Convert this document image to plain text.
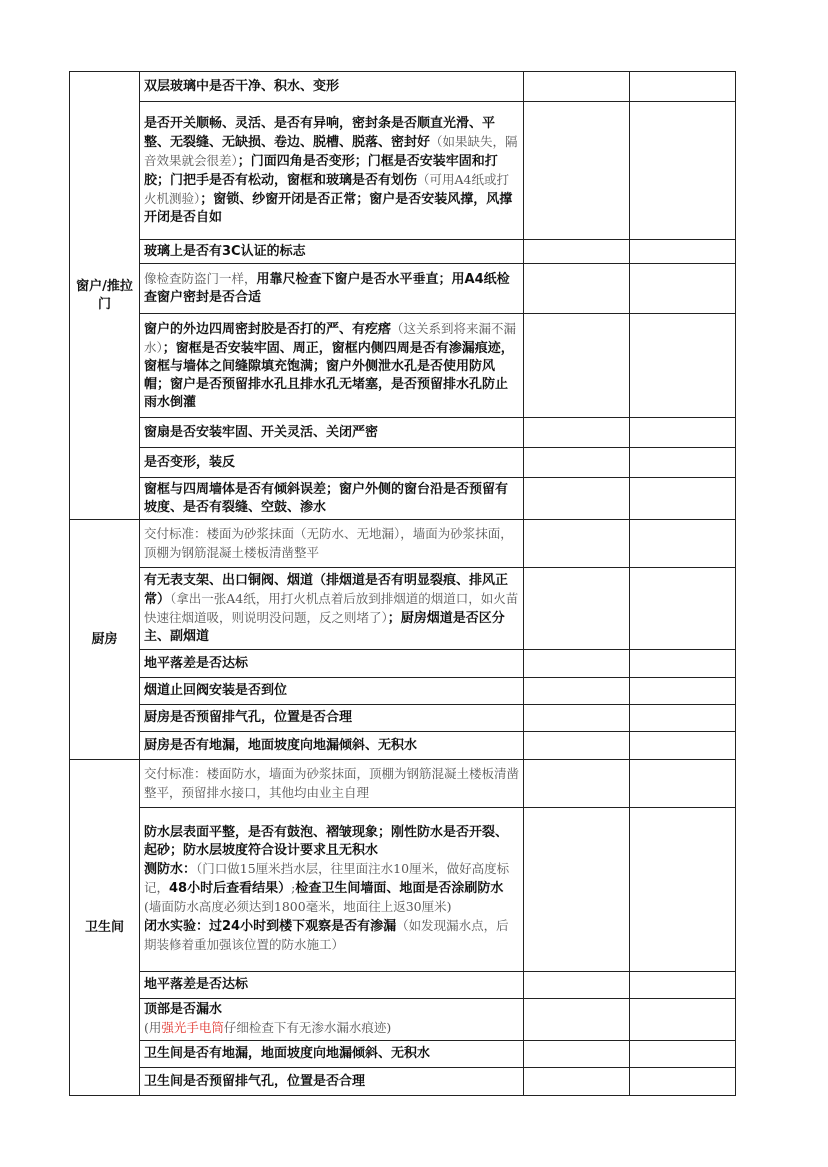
窗户/推拉门	双层玻璃中是否干净、积水、变形		
	是否开关顺畅、灵活、是否有异响，密封条是否顺直光滑、平整、无裂缝、无缺损、卷边、脱槽、脱落、密封好（如果缺失，隔音效果就会很差）；门面四角是否变形；门框是否安装牢固和打胶；门把手是否有松动，窗框和玻璃是否有划伤（可用A4纸或打火机测验）；窗锁、纱窗开闭是否正常；窗户是否安装风撑，风撑开闭是否自如		
	玻璃上是否有3C认证的标志		
	像检查防盗门一样，用靠尺检查下窗户是否水平垂直；用A4纸检查窗户密封是否合适		
	窗户的外边四周密封胶是否打的严、有疙瘩（这关系到将来漏不漏水）；窗框是否安装牢固、周正，窗框内侧四周是否有渗漏痕迹，窗框与墙体之间缝隙填充饱满；窗户外侧泄水孔是否使用防风帽；窗户是否预留排水孔且排水孔无堵塞，是否预留排水孔防止雨水倒灌		
	窗扇是否安装牢固、开关灵活、关闭严密		
	是否变形，装反		
	窗框与四周墙体是否有倾斜误差；窗户外侧的窗台沿是否预留有坡度、是否有裂缝、空鼓、渗水		
厨房	交付标准：楼面为砂浆抹面（无防水、无地漏），墙面为砂浆抹面，顶棚为钢筋混凝土楼板清凿整平		
	有无表支架、出口铜阀、烟道（排烟道是否有明显裂痕、排风正常）（拿出一张A4纸，用打火机点着后放到排烟道的烟道口，如火苗快速往烟道吸，则说明没问题，反之则堵了）；厨房烟道是否区分主、副烟道		
	地平落差是否达标		
	烟道止回阀安装是否到位		
	厨房是否预留排气孔，位置是否合理		
	厨房是否有地漏，地面坡度向地漏倾斜、无积水		
卫生间	交付标准：楼面防水，墙面为砂浆抹面，顶棚为钢筋混凝土楼板清凿整平，预留排水接口，其他均由业主自理		
	防水层表面平整，是否有鼓泡、褶皱现象；刚性防水是否开裂、起砂；防水层坡度符合设计要求且无积水
测防水：（门口做15厘米挡水层，往里面注水10厘米，做好高度标记，48小时后查看结果）;检查卫生间墙面、地面是否涂刷防水(墙面防水高度必须达到1800毫米，地面往上返30厘米)
闭水实验：过24小时到楼下观察是否有渗漏（如发现漏水点，后期装修着重加强该位置的防水施工）		
	地平落差是否达标		
	顶部是否漏水
(用强光手电筒仔细检查下有无渗水漏水痕迹)		
	卫生间是否有地漏，地面坡度向地漏倾斜、无积水		
	卫生间是否预留排气孔，位置是否合理		
